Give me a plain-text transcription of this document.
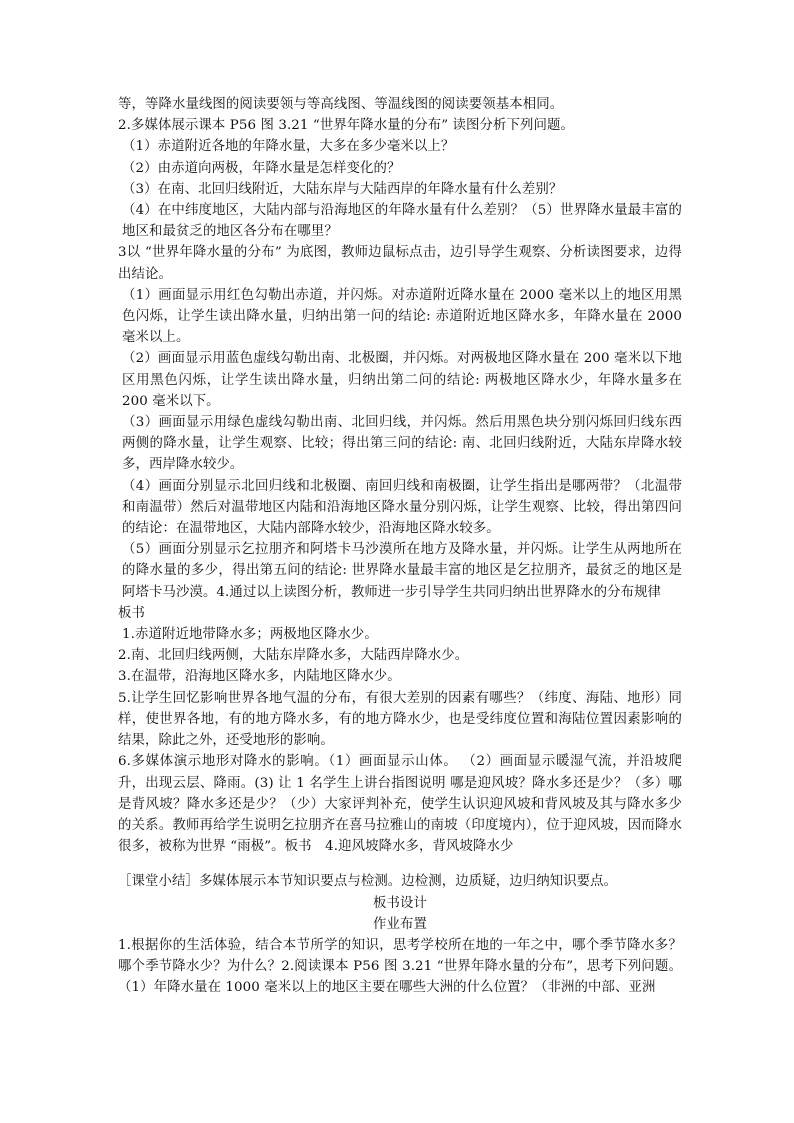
等，等降水量线图的阅读要领与等高线图、等温线图的阅读要领基本相同。

2.多媒体展示课本 P56 图 3.21 “世界年降水量的分布” 读图分析下列问题。

（1）赤道附近各地的年降水量，大多在多少毫米以上？

（2）由赤道向两极，年降水量是怎样变化的？

（3）在南、北回归线附近，大陆东岸与大陆西岸的年降水量有什么差别？

（4）在中纬度地区，大陆内部与沿海地区的年降水量有什么差别？（5）世界降水量最丰富的地区和最贫乏的地区各分布在哪里？

3以 “世界年降水量的分布” 为底图，教师边鼠标点击，边引导学生观察、分析读图要求，边得出结论。

（1）画面显示用红色勾勒出赤道，并闪烁。对赤道附近降水量在 2000 毫米以上的地区用黑色闪烁，让学生读出降水量，归纳出第一问的结论: 赤道附近地区降水多，年降水量在 2000 毫米以上。

（2）画面显示用蓝色虚线勾勒出南、北极圈，并闪烁。对两极地区降水量在 200 毫米以下地区用黑色闪烁，让学生读出降水量，归纳出第二问的结论: 两极地区降水少，年降水量多在 200 毫米以下。

（3）画面显示用绿色虚线勾勒出南、北回归线，并闪烁。然后用黑色块分别闪烁回归线东西两侧的降水量，让学生观察、比较；得出第三问的结论: 南、北回归线附近，大陆东岸降水较多，西岸降水较少。

（4）画面分别显示北回归线和北极圈、南回归线和南极圈，让学生指出是哪两带？（北温带和南温带）然后对温带地区内陆和沿海地区降水量分别闪烁，让学生观察、比较，得出第四问的结论：在温带地区，大陆内部降水较少，沿海地区降水较多。

（5）画面分别显示乞拉朋齐和阿塔卡马沙漠所在地方及降水量，并闪烁。让学生从两地所在的降水量的多少，得出第五问的结论: 世界降水量最丰富的地区是乞拉朋齐，最贫乏的地区是阿塔卡马沙漠。4.通过以上读图分析，教师进一步引导学生共同归纳出世界降水的分布规律

板书

1.赤道附近地带降水多；两极地区降水少。

2.南、北回归线两侧，大陆东岸降水多，大陆西岸降水少。

3.在温带，沿海地区降水多，内陆地区降水少。

5.让学生回忆影响世界各地气温的分布，有很大差别的因素有哪些？（纬度、海陆、地形）同样，使世界各地，有的地方降水多，有的地方降水少，也是受纬度位置和海陆位置因素影响的结果，除此之外，还受地形的影响。

6.多媒体演示地形对降水的影响。（1）画面显示山体。 （2）画面显示暖湿气流，并沿坡爬升，出现云层、降雨。(3) 让 1 名学生上讲台指图说明 哪是迎风坡？降水多还是少？（多）哪是背风坡？降水多还是少？（少）大家评判补充，使学生认识迎风坡和背风坡及其与降水多少的关系。教师再给学生说明乞拉朋齐在喜马拉雅山的南坡（印度境内），位于迎风坡，因而降水很多，被称为世界 “雨极”。板书　4.迎风坡降水多，背风坡降水少

［课堂小结］多媒体展示本节知识要点与检测。边检测，边质疑，边归纳知识要点。

板书设计

作业布置

1.根据你的生活体验，结合本节所学的知识，思考学校所在地的一年之中，哪个季节降水多？哪个季节降水少？为什么？2.阅读课本 P56 图 3.21 “世界年降水量的分布”，思考下列问题。（1）年降水量在 1000 毫米以上的地区主要在哪些大洲的什么位置？（非洲的中部、亚洲
